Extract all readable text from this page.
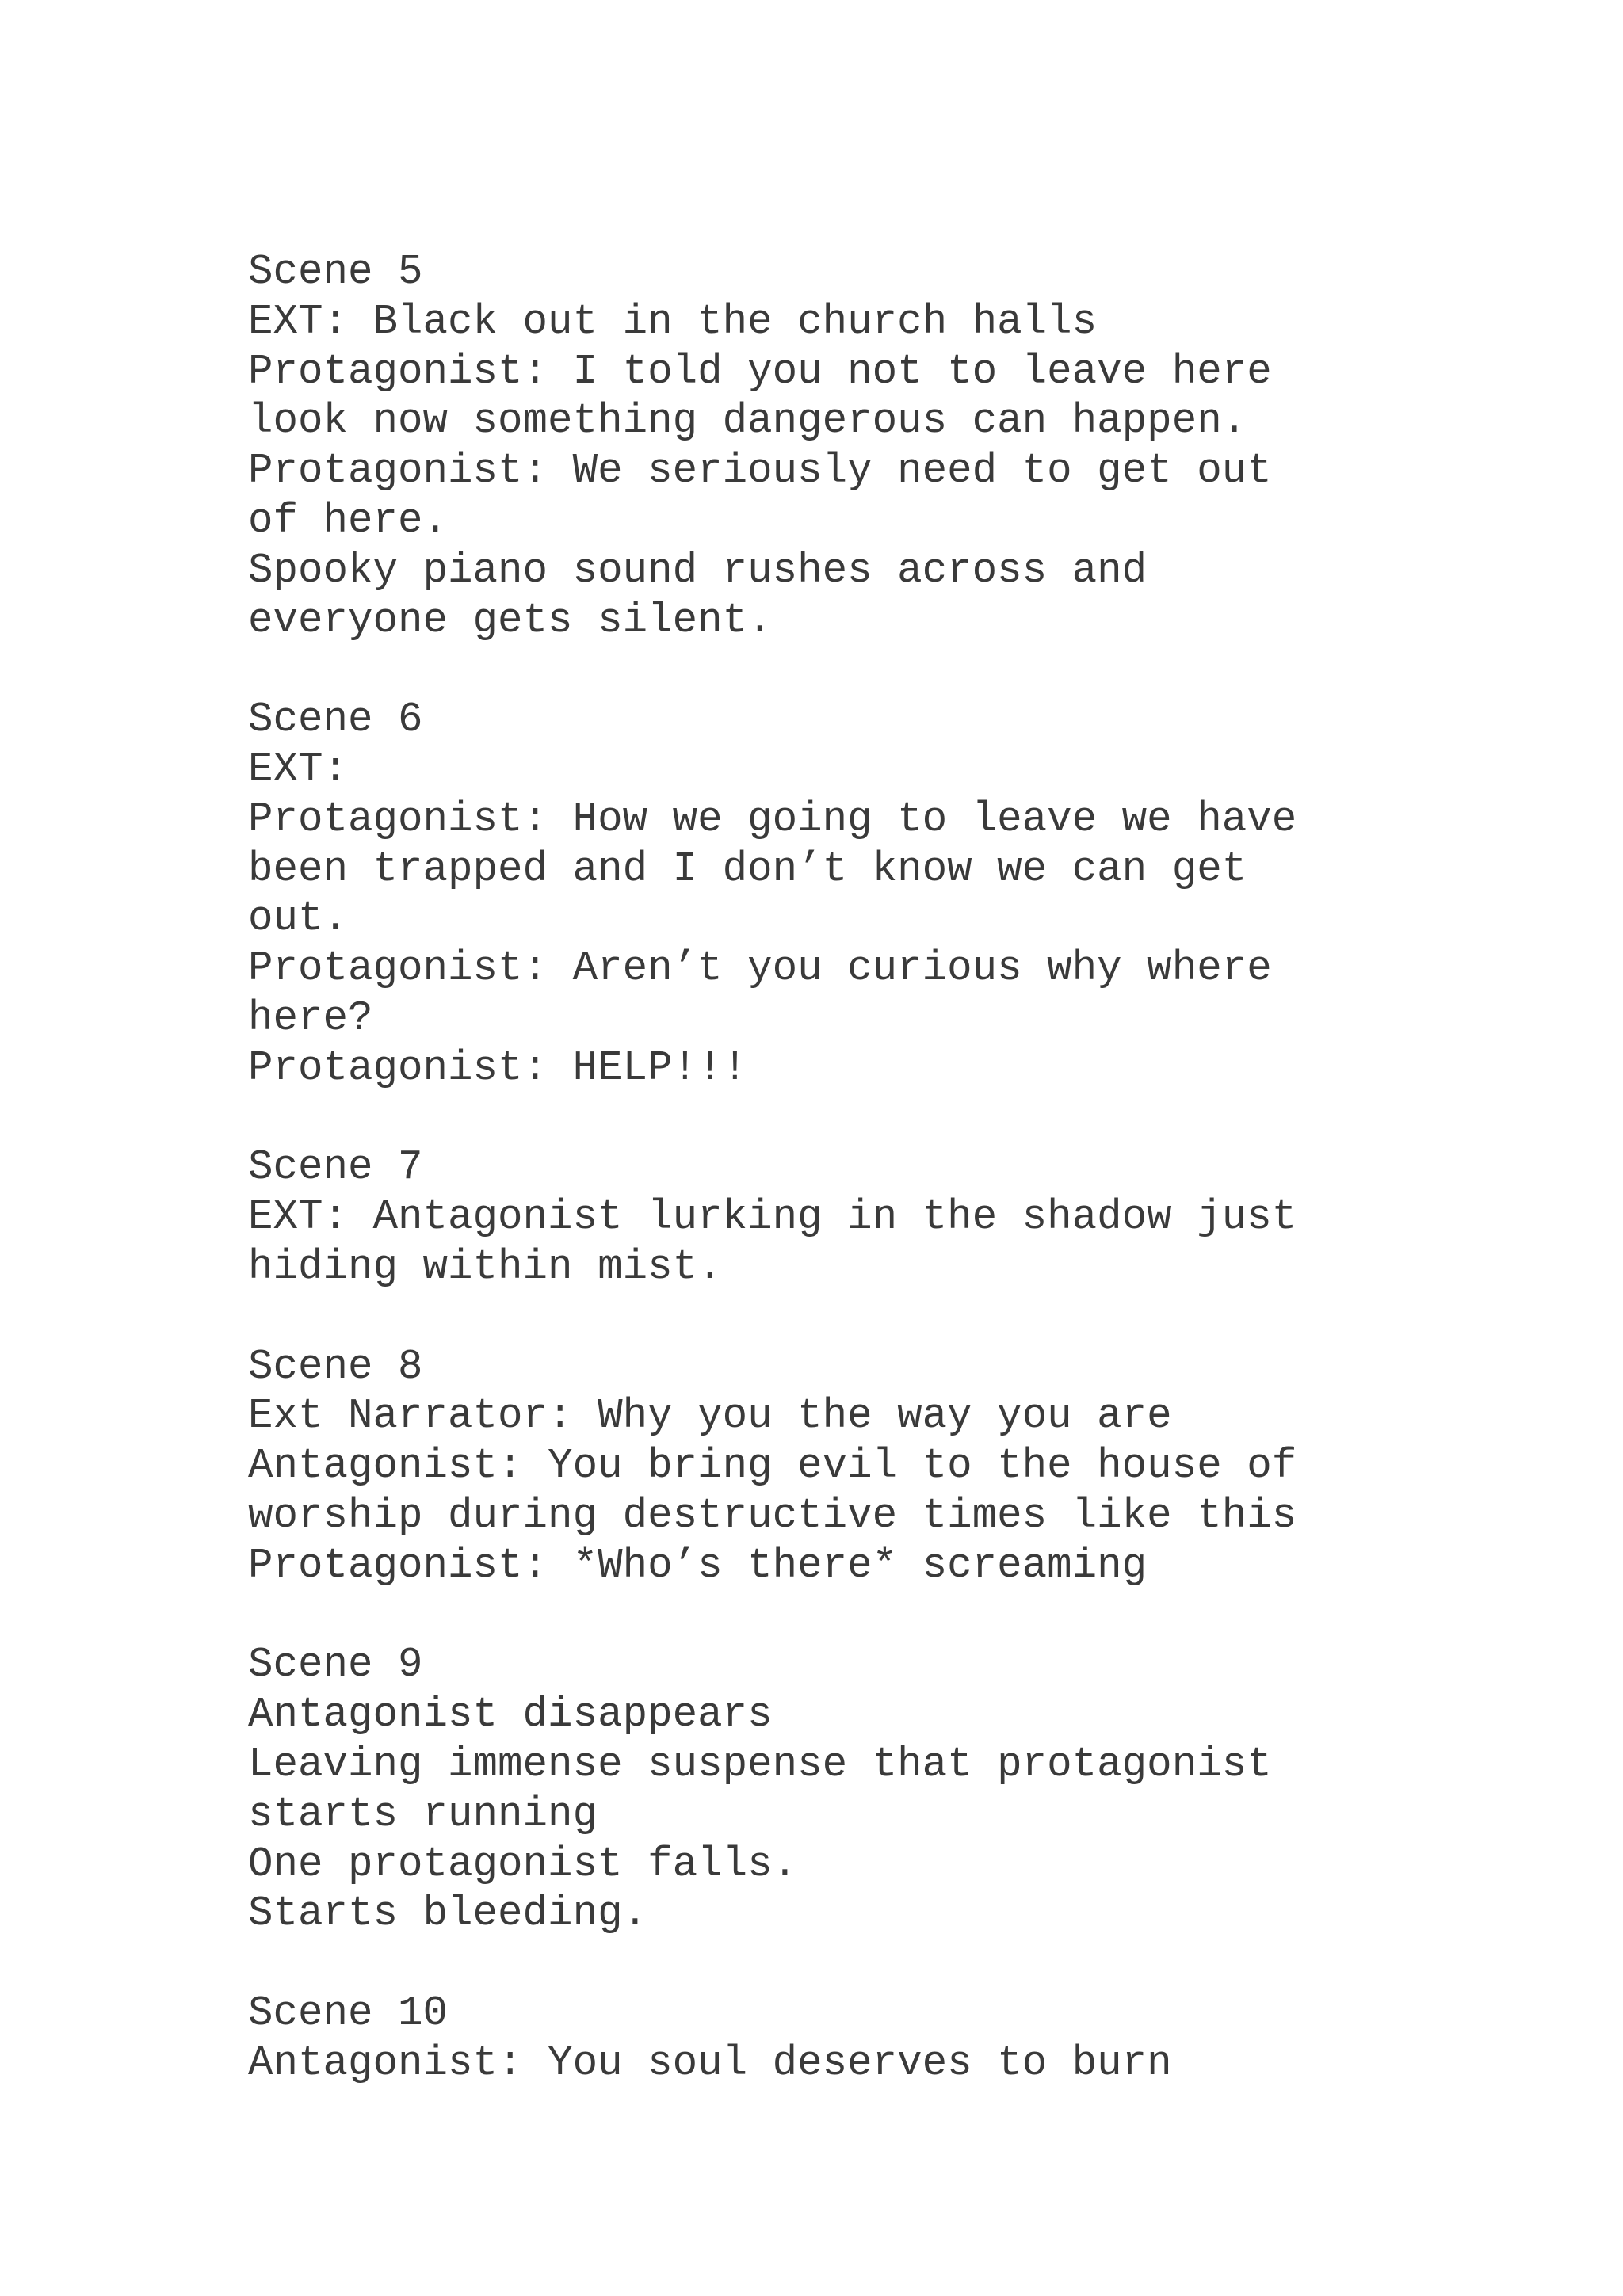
Scene 5
EXT: Black out in the church halls
Protagonist: I told you not to leave here
look now something dangerous can happen.
Protagonist: We seriously need to get out
of here.
Spooky piano sound rushes across and
everyone gets silent.
Scene 6
EXT:
Protagonist: How we going to leave we have
been trapped and I don’t know we can get
out.
Protagonist: Aren’t you curious why where
here?
Protagonist: HELP!!!
Scene 7
EXT: Antagonist lurking in the shadow just
hiding within mist.
Scene 8
Ext Narrator: Why you the way you are
Antagonist: You bring evil to the house of
worship during destructive times like this
Protagonist: *Who’s there* screaming
Scene 9
Antagonist disappears
Leaving immense suspense that protagonist
starts running
One protagonist falls.
Starts bleeding.
Scene 10
Antagonist: You soul deserves to burn
